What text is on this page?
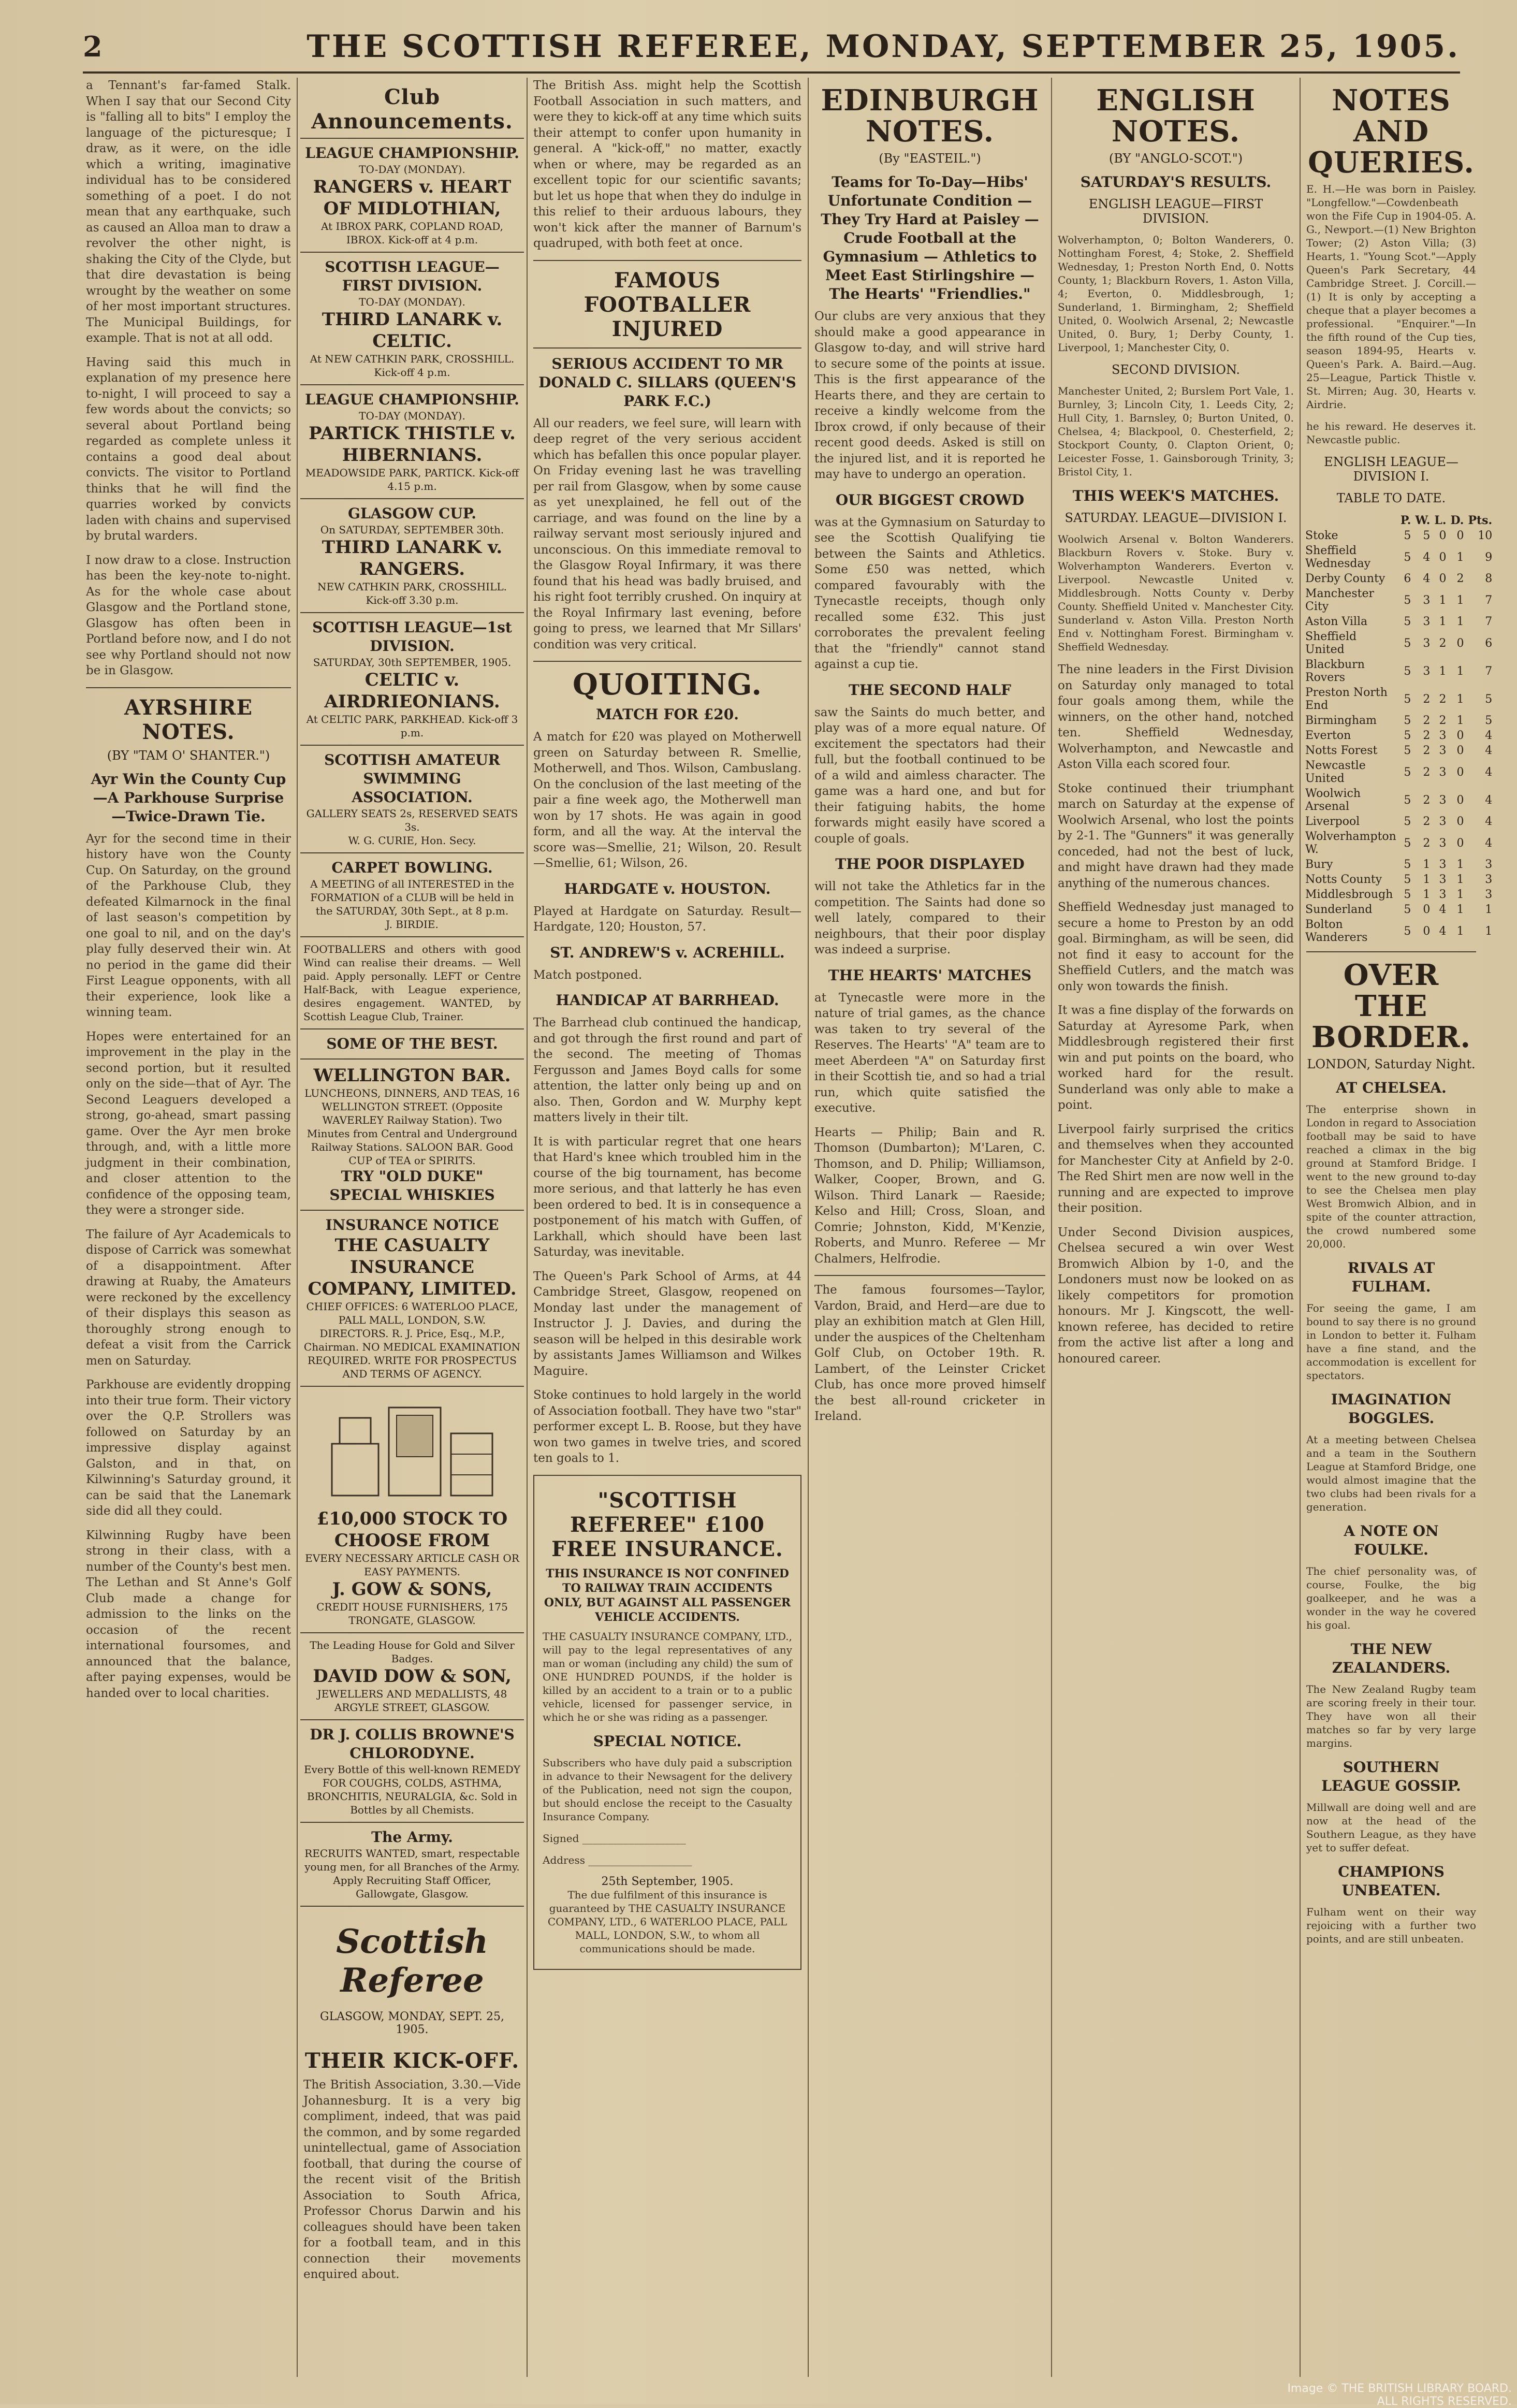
2	THE SCOTTISH REFEREE, MONDAY, SEPTEMBER 25, 1905.

a Tennant's far-famed Stalk. When I say that our Second City is "falling all to bits" I employ the language of the picturesque; I draw, as it were, on the idle which a writing, imaginative individual has to be considered something of a poet. I do not mean that any earthquake, such as caused an Alloa man to draw a revolver the other night, is shaking the City of the Clyde, but that dire devastation is being wrought by the weather on some of her most important structures. The Municipal Buildings, for example. That is not at all odd.

Having said this much in explanation of my presence here to-night, I will proceed to say a few words about the convicts; so several about Portland being regarded as complete unless it contains a good deal about convicts. The visitor to Portland thinks that he will find the quarries worked by convicts laden with chains and supervised by brutal warders.

I now draw to a close. Instruction has been the key-note to-night. As for the whole case about Glasgow and the Portland stone, Glasgow has often been in Portland before now, and I do not see why Portland should not now be in Glasgow.

AYRSHIRE NOTES.
(BY "TAM O' SHANTER.")
Ayr Win the County Cup—A Parkhouse Surprise—Twice-Drawn Tie.

Ayr for the second time in their history have won the County Cup. On Saturday, on the ground of the Parkhouse Club, they defeated Kilmarnock in the final of last season's competition by one goal to nil, and on the day's play fully deserved their win. At no period in the game did their First League opponents, with all their experience, look like a winning team.

Hopes were entertained for an improvement in the play in the second portion, but it resulted only on the side—that of Ayr. The Second Leaguers developed a strong, go-ahead, smart passing game. Over the Ayr men broke through, and, with a little more judgment in their combination, and closer attention to the confidence of the opposing team, they were a stronger side.

The failure of Ayr Academicals to dispose of Carrick was somewhat of a disappointment. After drawing at Ruaby, the Amateurs were reckoned by the excellency of their displays this season as thoroughly strong enough to defeat a visit from the Carrick men on Saturday.

Parkhouse are evidently dropping into their true form. Their victory over the Q.P. Strollers was followed on Saturday by an impressive display against Galston, and in that, on Kilwinning's Saturday ground, it can be said that the Lanemark side did all they could.

Kilwinning Rugby have been strong in their class, with a number of the County's best men. The Lethan and St Anne's Golf Club made a change for admission to the links on the occasion of the recent international foursomes, and announced that the balance, after paying expenses, would be handed over to local charities.

Club Announcements.
LEAGUE CHAMPIONSHIP.
TO-DAY (MONDAY).
RANGERS v. HEART OF MIDLOTHIAN,
At IBROX PARK, COPLAND ROAD, IBROX. Kick-off at 4 p.m.
SCOTTISH LEAGUE—FIRST DIVISION.
TO-DAY (MONDAY).
THIRD LANARK v. CELTIC.
At NEW CATHKIN PARK, CROSSHILL. Kick-off 4 p.m.
LEAGUE CHAMPIONSHIP.
TO-DAY (MONDAY).
PARTICK THISTLE v. HIBERNIANS.
MEADOWSIDE PARK, PARTICK. Kick-off 4.15 p.m.
GLASGOW CUP.
On SATURDAY, SEPTEMBER 30th.
THIRD LANARK v. RANGERS.
NEW CATHKIN PARK, CROSSHILL. Kick-off 3.30 p.m.
SCOTTISH LEAGUE—1st DIVISION.
SATURDAY, 30th SEPTEMBER, 1905.
CELTIC v. AIRDRIEONIANS.
At CELTIC PARK, PARKHEAD. Kick-off 3 p.m.
SCOTTISH AMATEUR SWIMMING ASSOCIATION.
GALLERY SEATS 2s, RESERVED SEATS 3s.
W. G. CURIE, Hon. Secy.
CARPET BOWLING.
A MEETING of all INTERESTED in the FORMATION of a CLUB will be held in the SATURDAY, 30th Sept., at 8 p.m.
J. BIRDIE.
FOOTBALLERS and others with good Wind can realise their dreams. — Well paid. Apply personally. LEFT or Centre Half-Back, with League experience, desires engagement. WANTED, by Scottish League Club, Trainer.
SOME OF THE BEST.
WELLINGTON BAR.
LUNCHEONS, DINNERS, AND TEAS, 16 WELLINGTON STREET. (Opposite WAVERLEY Railway Station). Two Minutes from Central and Underground Railway Stations. SALOON BAR. Good CUP of TEA or SPIRITS.
TRY "OLD DUKE" SPECIAL WHISKIES
INSURANCE NOTICE
THE CASUALTY INSURANCE COMPANY, LIMITED.
CHIEF OFFICES: 6 WATERLOO PLACE, PALL MALL, LONDON, S.W. DIRECTORS. R. J. Price, Esq., M.P., Chairman. NO MEDICAL EXAMINATION REQUIRED. WRITE FOR PROSPECTUS AND TERMS OF AGENCY.
£10,000 STOCK TO CHOOSE FROM
EVERY NECESSARY ARTICLE CASH OR EASY PAYMENTS.
J. GOW & SONS,
CREDIT HOUSE FURNISHERS, 175 TRONGATE, GLASGOW.
The Leading House for Gold and Silver Badges.
DAVID DOW & SON,
JEWELLERS AND MEDALLISTS, 48 ARGYLE STREET, GLASGOW.
DR J. COLLIS BROWNE'S CHLORODYNE.
Every Bottle of this well-known REMEDY FOR COUGHS, COLDS, ASTHMA, BRONCHITIS, NEURALGIA, &c. Sold in Bottles by all Chemists.
The Army.
RECRUITS WANTED, smart, respectable young men, for all Branches of the Army. Apply Recruiting Staff Officer, Gallowgate, Glasgow.
Scottish Referee
GLASGOW, MONDAY, SEPT. 25, 1905.
THEIR KICK-OFF.

The British Association, 3.30.—Vide Johannesburg. It is a very big compliment, indeed, that was paid the common, and by some regarded unintellectual, game of Association football, that during the course of the recent visit of the British Association to South Africa, Professor Chorus Darwin and his colleagues should have been taken for a football team, and in this connection their movements enquired about.

The British Ass. might help the Scottish Football Association in such matters, and were they to kick-off at any time which suits their attempt to confer upon humanity in general. A "kick-off," no matter, exactly when or where, may be regarded as an excellent topic for our scientific savants; but let us hope that when they do indulge in this relief to their arduous labours, they won't kick after the manner of Barnum's quadruped, with both feet at once.

FAMOUS FOOTBALLER INJURED
SERIOUS ACCIDENT TO MR DONALD C. SILLARS (QUEEN'S PARK F.C.)

All our readers, we feel sure, will learn with deep regret of the very serious accident which has befallen this once popular player. On Friday evening last he was travelling per rail from Glasgow, when by some cause as yet unexplained, he fell out of the carriage, and was found on the line by a railway servant most seriously injured and unconscious. On this immediate removal to the Glasgow Royal Infirmary, it was there found that his head was badly bruised, and his right foot terribly crushed. On inquiry at the Royal Infirmary last evening, before going to press, we learned that Mr Sillars' condition was very critical.

QUOITING.
MATCH FOR £20.

A match for £20 was played on Motherwell green on Saturday between R. Smellie, Motherwell, and Thos. Wilson, Cambuslang. On the conclusion of the last meeting of the pair a fine week ago, the Motherwell man won by 17 shots. He was again in good form, and all the way. At the interval the score was—Smellie, 21; Wilson, 20. Result—Smellie, 61; Wilson, 26.

HARDGATE v. HOUSTON.

Played at Hardgate on Saturday. Result—Hardgate, 120; Houston, 57.

ST. ANDREW'S v. ACREHILL.

Match postponed.

HANDICAP AT BARRHEAD.

The Barrhead club continued the handicap, and got through the first round and part of the second. The meeting of Thomas Fergusson and James Boyd calls for some attention, the latter only being up and on also. Then, Gordon and W. Murphy kept matters lively in their tilt.

It is with particular regret that one hears that Hard's knee which troubled him in the course of the big tournament, has become more serious, and that latterly he has even been ordered to bed. It is in consequence a postponement of his match with Guffen, of Larkhall, which should have been last Saturday, was inevitable.

The Queen's Park School of Arms, at 44 Cambridge Street, Glasgow, reopened on Monday last under the management of Instructor J. J. Davies, and during the season will be helped in this desirable work by assistants James Williamson and Wilkes Maguire.

Stoke continues to hold largely in the world of Association football. They have two "star" performer except L. B. Roose, but they have won two games in twelve tries, and scored ten goals to 1.

"SCOTTISH REFEREE" £100 FREE INSURANCE.
THIS INSURANCE IS NOT CONFINED TO RAILWAY TRAIN ACCIDENTS ONLY, BUT AGAINST ALL PASSENGER VEHICLE ACCIDENTS.

THE CASUALTY INSURANCE COMPANY, LTD., will pay to the legal representatives of any man or woman (including any child) the sum of ONE HUNDRED POUNDS, if the holder is killed by an accident to a train or to a public vehicle, licensed for passenger service, in which he or she was riding as a passenger.

SPECIAL NOTICE.

Subscribers who have duly paid a subscription in advance to their Newsagent for the delivery of the Publication, need not sign the coupon, but should enclose the receipt to the Casualty Insurance Company.

Signed ____________________

Address ____________________

25th September, 1905.

The due fulfilment of this insurance is guaranteed by THE CASUALTY INSURANCE COMPANY, LTD., 6 WATERLOO PLACE, PALL MALL, LONDON, S.W., to whom all communications should be made.

EDINBURGH NOTES.
(By "EASTEIL.")
Teams for To-Day—Hibs' Unfortunate Condition — They Try Hard at Paisley — Crude Football at the Gymnasium — Athletics to Meet East Stirlingshire — The Hearts' "Friendlies."

Our clubs are very anxious that they should make a good appearance in Glasgow to-day, and will strive hard to secure some of the points at issue. This is the first appearance of the Hearts there, and they are certain to receive a kindly welcome from the Ibrox crowd, if only because of their recent good deeds. Asked is still on the injured list, and it is reported he may have to undergo an operation.

OUR BIGGEST CROWD

was at the Gymnasium on Saturday to see the Scottish Qualifying tie between the Saints and Athletics. Some £50 was netted, which compared favourably with the Tynecastle receipts, though only recalled some £32. This just corroborates the prevalent feeling that the "friendly" cannot stand against a cup tie.

THE SECOND HALF

saw the Saints do much better, and play was of a more equal nature. Of excitement the spectators had their full, but the football continued to be of a wild and aimless character. The game was a hard one, and but for their fatiguing habits, the home forwards might easily have scored a couple of goals.

THE POOR DISPLAYED

will not take the Athletics far in the competition. The Saints had done so well lately, compared to their neighbours, that their poor display was indeed a surprise.

THE HEARTS' MATCHES

at Tynecastle were more in the nature of trial games, as the chance was taken to try several of the Reserves. The Hearts' "A" team are to meet Aberdeen "A" on Saturday first in their Scottish tie, and so had a trial run, which quite satisfied the executive.

Hearts — Philip; Bain and R. Thomson (Dumbarton); M'Laren, C. Thomson, and D. Philip; Williamson, Walker, Cooper, Brown, and G. Wilson. Third Lanark — Raeside; Kelso and Hill; Cross, Sloan, and Comrie; Johnston, Kidd, M'Kenzie, Roberts, and Munro. Referee — Mr Chalmers, Helfrodie.

The famous foursomes—Taylor, Vardon, Braid, and Herd—are due to play an exhibition match at Glen Hill, under the auspices of the Cheltenham Golf Club, on October 19th. R. Lambert, of the Leinster Cricket Club, has once more proved himself the best all-round cricketer in Ireland.

ENGLISH NOTES.
(BY "ANGLO-SCOT.")
SATURDAY'S RESULTS.
ENGLISH LEAGUE—FIRST DIVISION.

Wolverhampton, 0; Bolton Wanderers, 0. Nottingham Forest, 4; Stoke, 2. Sheffield Wednesday, 1; Preston North End, 0. Notts County, 1; Blackburn Rovers, 1. Aston Villa, 4; Everton, 0. Middlesbrough, 1; Sunderland, 1. Birmingham, 2; Sheffield United, 0. Woolwich Arsenal, 2; Newcastle United, 0. Bury, 1; Derby County, 1. Liverpool, 1; Manchester City, 0.

SECOND DIVISION.

Manchester United, 2; Burslem Port Vale, 1. Burnley, 3; Lincoln City, 1. Leeds City, 2; Hull City, 1. Barnsley, 0; Burton United, 0. Chelsea, 4; Blackpool, 0. Chesterfield, 2; Stockport County, 0. Clapton Orient, 0; Leicester Fosse, 1. Gainsborough Trinity, 3; Bristol City, 1.

THIS WEEK'S MATCHES.
SATURDAY. LEAGUE—DIVISION I.

Woolwich Arsenal v. Bolton Wanderers. Blackburn Rovers v. Stoke. Bury v. Wolverhampton Wanderers. Everton v. Liverpool. Newcastle United v. Middlesbrough. Notts County v. Derby County. Sheffield United v. Manchester City. Sunderland v. Aston Villa. Preston North End v. Nottingham Forest. Birmingham v. Sheffield Wednesday.

The nine leaders in the First Division on Saturday only managed to total four goals among them, while the winners, on the other hand, notched ten. Sheffield Wednesday, Wolverhampton, and Newcastle and Aston Villa each scored four.

Stoke continued their triumphant march on Saturday at the expense of Woolwich Arsenal, who lost the points by 2-1. The "Gunners" it was generally conceded, had not the best of luck, and might have drawn had they made anything of the numerous chances.

Sheffield Wednesday just managed to secure a home to Preston by an odd goal. Birmingham, as will be seen, did not find it easy to account for the Sheffield Cutlers, and the match was only won towards the finish.

It was a fine display of the forwards on Saturday at Ayresome Park, when Middlesbrough registered their first win and put points on the board, who worked hard for the result. Sunderland was only able to make a point.

Liverpool fairly surprised the critics and themselves when they accounted for Manchester City at Anfield by 2-0. The Red Shirt men are now well in the running and are expected to improve their position.

Under Second Division auspices, Chelsea secured a win over West Bromwich Albion by 1-0, and the Londoners must now be looked on as likely competitors for promotion honours. Mr J. Kingscott, the well-known referee, has decided to retire from the active list after a long and honoured career.

NOTES AND QUERIES.

E. H.—He was born in Paisley. "Longfellow."—Cowdenbeath won the Fife Cup in 1904-05. A. G., Newport.—(1) New Brighton Tower; (2) Aston Villa; (3) Hearts, 1. "Young Scot."—Apply Queen's Park Secretary, 44 Cambridge Street. J. Corcill.—(1) It is only by accepting a cheque that a player becomes a professional. "Enquirer."—In the fifth round of the Cup ties, season 1894-95, Hearts v. Queen's Park. A. Baird.—Aug. 25—League, Partick Thistle v. St. Mirren; Aug. 30, Hearts v. Airdrie.

he his reward. He deserves it. Newcastle public.

ENGLISH LEAGUE—DIVISION I.
TABLE TO DATE.
	P.	W.	L.	D.	Pts.
Stoke	5	5	0	0	10
Sheffield Wednesday	5	4	0	1	9
Derby County	6	4	0	2	8
Manchester City	5	3	1	1	7
Aston Villa	5	3	1	1	7
Sheffield United	5	3	2	0	6
Blackburn Rovers	5	3	1	1	7
Preston North End	5	2	2	1	5
Birmingham	5	2	2	1	5
Everton	5	2	3	0	4
Notts Forest	5	2	3	0	4
Newcastle United	5	2	3	0	4
Woolwich Arsenal	5	2	3	0	4
Liverpool	5	2	3	0	4
Wolverhampton W.	5	2	3	0	4
Bury	5	1	3	1	3
Notts County	5	1	3	1	3
Middlesbrough	5	1	3	1	3
Sunderland	5	0	4	1	1
Bolton Wanderers	5	0	4	1	1
OVER THE BORDER.
LONDON, Saturday Night.
AT CHELSEA.

The enterprise shown in London in regard to Association football may be said to have reached a climax in the big ground at Stamford Bridge. I went to the new ground to-day to see the Chelsea men play West Bromwich Albion, and in spite of the counter attraction, the crowd numbered some 20,000.

RIVALS AT FULHAM.

For seeing the game, I am bound to say there is no ground in London to better it. Fulham have a fine stand, and the accommodation is excellent for spectators.

IMAGINATION BOGGLES.

At a meeting between Chelsea and a team in the Southern League at Stamford Bridge, one would almost imagine that the two clubs had been rivals for a generation.

A NOTE ON FOULKE.

The chief personality was, of course, Foulke, the big goalkeeper, and he was a wonder in the way he covered his goal.

THE NEW ZEALANDERS.

The New Zealand Rugby team are scoring freely in their tour. They have won all their matches so far by very large margins.

SOUTHERN LEAGUE GOSSIP.

Millwall are doing well and are now at the head of the Southern League, as they have yet to suffer defeat.

CHAMPIONS UNBEATEN.

Fulham went on their way rejoicing with a further two points, and are still unbeaten.

Image © THE BRITISH LIBRARY BOARD. ALL RIGHTS RESERVED.
